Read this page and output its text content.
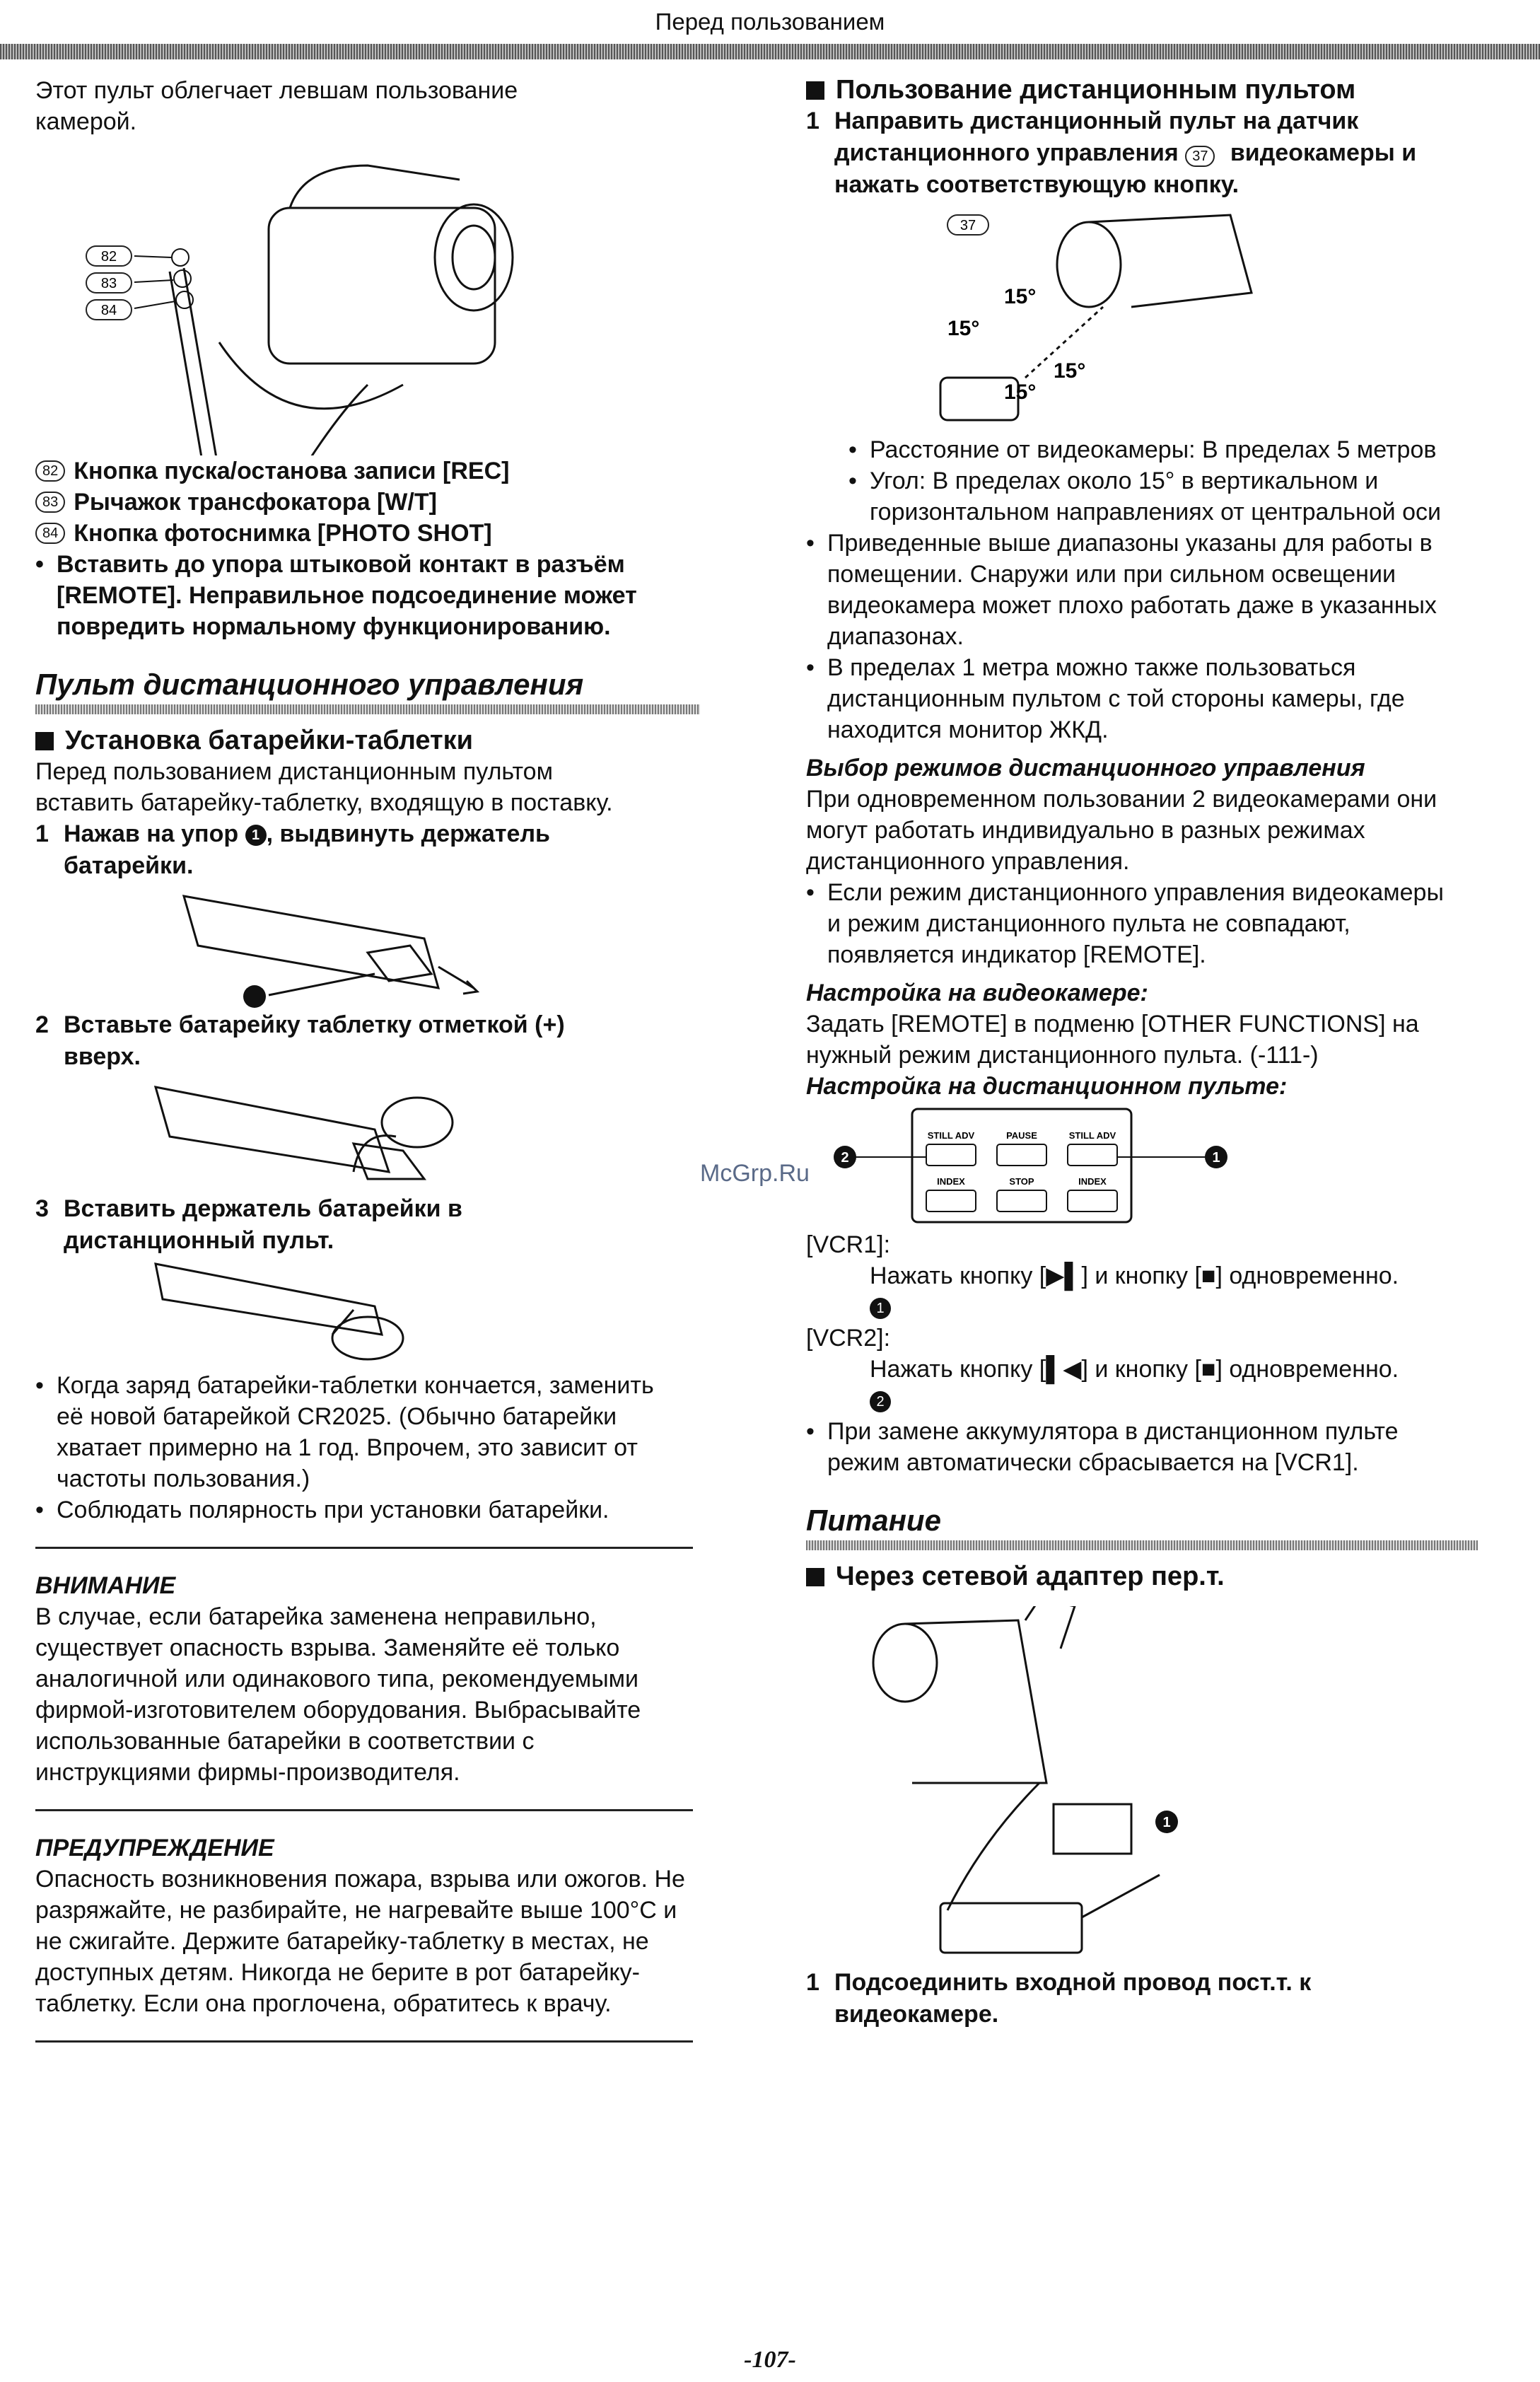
Перед пользованием

Этот пульт облегчает левшам пользование камерой.

82
83
84
82 Кнопка пуска/останова записи [REC]
83 Рычажок трансфокатора [W/T]
84 Кнопка фотоснимка [PHOTO SHOT]
• Вставить до упора штыковой контакт в разъём [REMOTE]. Неправильное подсоединение может повредить нормальному функционированию.

Пульт дистанционного управления

Установка батарейки-таблетки

Перед пользованием дистанционным пультом вставить батарейку-таблетку, входящую в поставку.

1 Нажав на упор 1 , выдвинуть держатель батарейки.
2 Вставьте батарейку таблетку отметкой (+) вверх.
3 Вставить держатель батарейки в дистанционный пульт.
• Когда заряд батарейки-таблетки кончается, заменить её новой батарейкой CR2025. (Обычно батарейки хватает примерно на 1 год. Впрочем, это зависит от частоты пользования.)
• Соблюдать полярность при установки батарейки.

ВНИМАНИЕ

В случае, если батарейка заменена неправильно, существует опасность взрыва. Заменяйте её только аналогичной или одинакового типа, рекомендуемыми фирмой-изготовителем оборудования. Выбрасывайте использованные батарейки в соответствии с инструкциями фирмы-производителя.

ПРЕДУПРЕЖДЕНИЕ

Опасность возникновения пожара, взрыва или ожогов. Не разряжайте, не разбирайте, не нагревайте выше 100°С и не сжигайте. Держите батарейку-таблетку в местах, не доступных детям. Никогда не берите в рот батарейку-таблетку. Если она проглочена, обратитесь к врачу.

Пользование дистанционным пультом
1 Направить дистанционный пульт на датчик дистанционного управления 37 видеокамеры и нажать соответствующую кнопку.
37
15°
15°
15°
15°
• Расстояние от видеокамеры: В пределах 5 метров
• Угол: В пределах около 15° в вертикальном и горизонтальном направлениях от центральной оси
• Приведенные выше диапазоны указаны для работы в помещении. Снаружи или при сильном освещении видеокамера может плохо работать даже в указанных диапазонах.
• В пределах 1 метра можно также пользоваться дистанционным пультом с той стороны камеры, где находится монитор ЖКД.

Выбор режимов дистанционного управления

При одновременном пользовании 2 видеокамерами они могут работать индивидуально в разных режимах дистанционного управления.

• Если режим дистанционного управления видеокамеры и режим дистанционного пульта не совпадают, появляется индикатор [REMOTE].

Настройка на видеокамере:

Задать [REMOTE] в подменю [OTHER FUNCTIONS] на нужный режим дистанционного пульта. (-111-)

Настройка на дистанционном пульте:

STILL ADV	PAUSE	STILL ADV
INDEX	STOP	INDEX
2	1

[VCR1]:

Нажать кнопку [▶▌] и кнопку [■] одновременно.

1

[VCR2]:

Нажать кнопку [▌◀] и кнопку [■] одновременно.

2

• При замене аккумулятора в дистанционном пульте режим автоматически сбрасывается на [VCR1].

Питание

Через сетевой адаптер пер.т.
1
1 Подсоединить входной провод пост.т. к видеокамере.
McGrp.Ru
-107-
